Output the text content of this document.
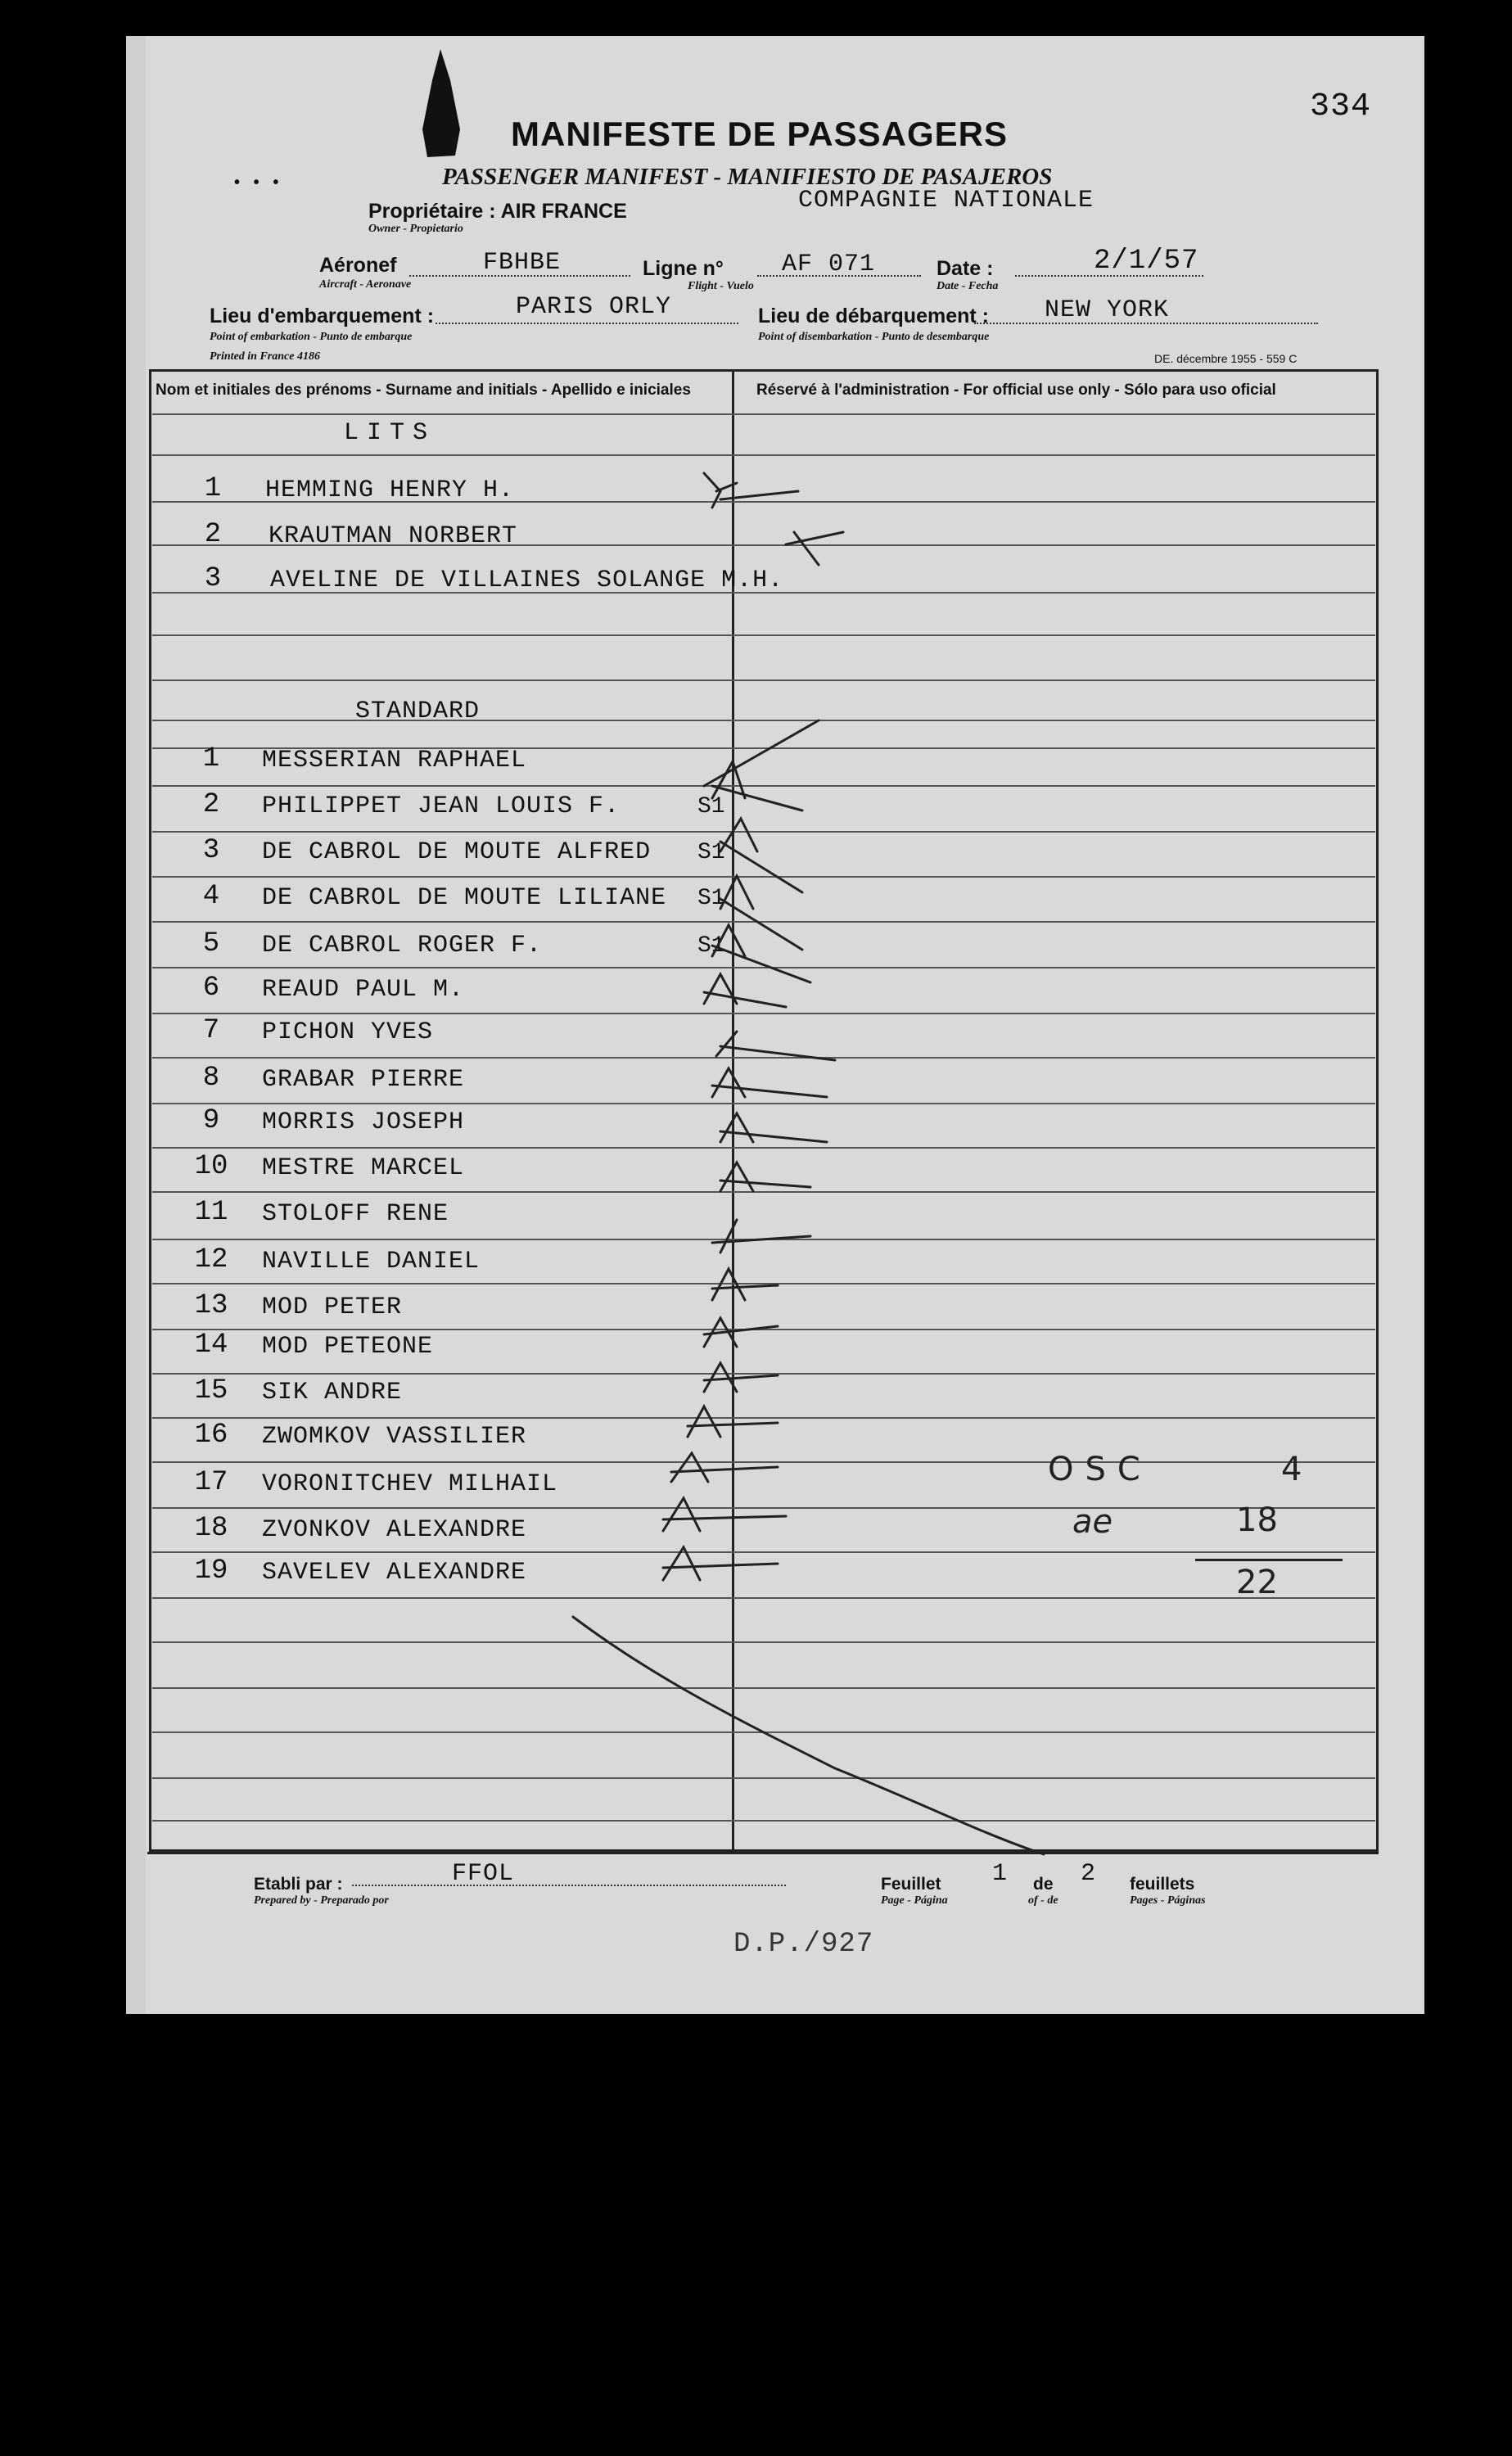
334
MANIFESTE DE PASSAGERS
PASSENGER MANIFEST - MANIFIESTO DE PASAJEROS
•   •   •
Propriétaire : AIR FRANCE
Owner - Propietario
COMPAGNIE NATIONALE
Aéronef
Aircraft - Aeronave
FBHBE	Ligne n°
Flight - Vuelo
AF 071	Date :
Date - Fecha
2/1/57
Lieu d'embarquement :
Point of embarkation - Punto de embarque
PARIS ORLY	Lieu de débarquement :
Point of disembarkation - Punto de desembarque
NEW YORK
Printed in France 4186	DE. décembre 1955 - 559 C
Nom et initiales des prénoms - Surname and initials - Apellido e iniciales	Réservé à l'administration - For official use only - Sólo para uso oficial
LITS
1	HEMMING HENRY H.
2	KRAUTMAN NORBERT
3	AVELINE DE VILLAINES SOLANGE M.H.
STANDARD
1	MESSERIAN RAPHAEL
2	PHILIPPET JEAN LOUIS F.	S1
3	DE CABROL DE MOUTE ALFRED S1
4	DE CABROL DE MOUTE LILIANE S1
5	DE CABROL ROGER F.	S1
6	REAUD PAUL M.
7	PICHON YVES
8	GRABAR PIERRE
9	MORRIS JOSEPH
10	MESTRE MARCEL
11	STOLOFF RENE
12	NAVILLE DANIEL
13	MOD PETER
14	MOD PETEONE
15	SIK ANDRE
16	ZWOMKOV VASSILIER
17	VORONITCHEV MILHAIL
18	ZVONKOV ALEXANDRE
19	SAVELEV ALEXANDRE
OSC	4
ae	18
22
Etabli par :
Prepared by - Preparado por
FFOL	Feuillet 1 de 2 feuillets
Page - Página	of - de	Pages - Páginas
D.P./927
